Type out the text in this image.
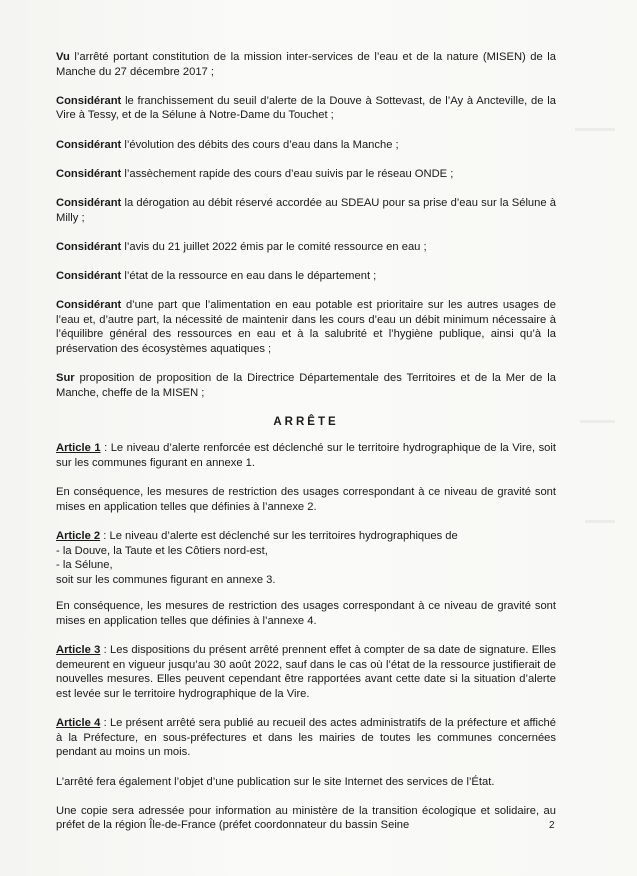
Vu l’arrêté portant constitution de la mission inter-services de l’eau et de la nature (MISEN) de la Manche du 27 décembre 2017 ;

Considérant le franchissement du seuil d’alerte de la Douve à Sottevast, de l’Ay à Ancteville, de la Vire à Tessy, et de la Sélune à Notre-Dame du Touchet ;

Considérant l’évolution des débits des cours d’eau dans la Manche ;

Considérant l’assèchement rapide des cours d’eau suivis par le réseau ONDE ;

Considérant la dérogation au débit réservé accordée au SDEAU pour sa prise d’eau sur la Sélune à Milly ;

Considérant l’avis du 21 juillet 2022 émis par le comité ressource en eau ;

Considérant l’état de la ressource en eau dans le département ;

Considérant d’une part que l’alimentation en eau potable est prioritaire sur les autres usages de l’eau et, d’autre part, la nécessité de maintenir dans les cours d’eau un débit minimum nécessaire à l’équilibre général des ressources en eau et à la salubrité et l’hygiène publique, ainsi qu’à la préservation des écosystèmes aquatiques ;

Sur proposition de proposition de la Directrice Départementale des Territoires et de la Mer de la Manche, cheffe de la MISEN ;

ARRÊTE

Article 1 : Le niveau d’alerte renforcée est déclenché sur le territoire hydrographique de la Vire, soit sur les communes figurant en annexe 1.

En conséquence, les mesures de restriction des usages correspondant à ce niveau de gravité sont mises en application telles que définies à l’annexe 2.

Article 2 : Le niveau d’alerte est déclenché sur les territoires hydrographiques de
- la Douve, la Taute et les Côtiers nord-est,
- la Sélune,
soit sur les communes figurant en annexe 3.

En conséquence, les mesures de restriction des usages correspondant à ce niveau de gravité sont mises en application telles que définies à l’annexe 4.

Article 3 : Les dispositions du présent arrêté prennent effet à compter de sa date de signature. Elles demeurent en vigueur jusqu’au 30 août 2022, sauf dans le cas où l’état de la ressource justifierait de nouvelles mesures. Elles peuvent cependant être rapportées avant cette date si la situation d’alerte est levée sur le territoire hydrographique de la Vire.

Article 4 : Le présent arrêté sera publié au recueil des actes administratifs de la préfecture et affiché à la Préfecture, en sous-préfectures et dans les mairies de toutes les communes concernées pendant au moins un mois.

L’arrêté fera également l’objet d’une publication sur le site Internet des services de l’État.

Une copie sera adressée pour information au ministère de la transition écologique et solidaire, au préfet de la région Île-de-France (préfet coordonnateur du bassin Seine	2
